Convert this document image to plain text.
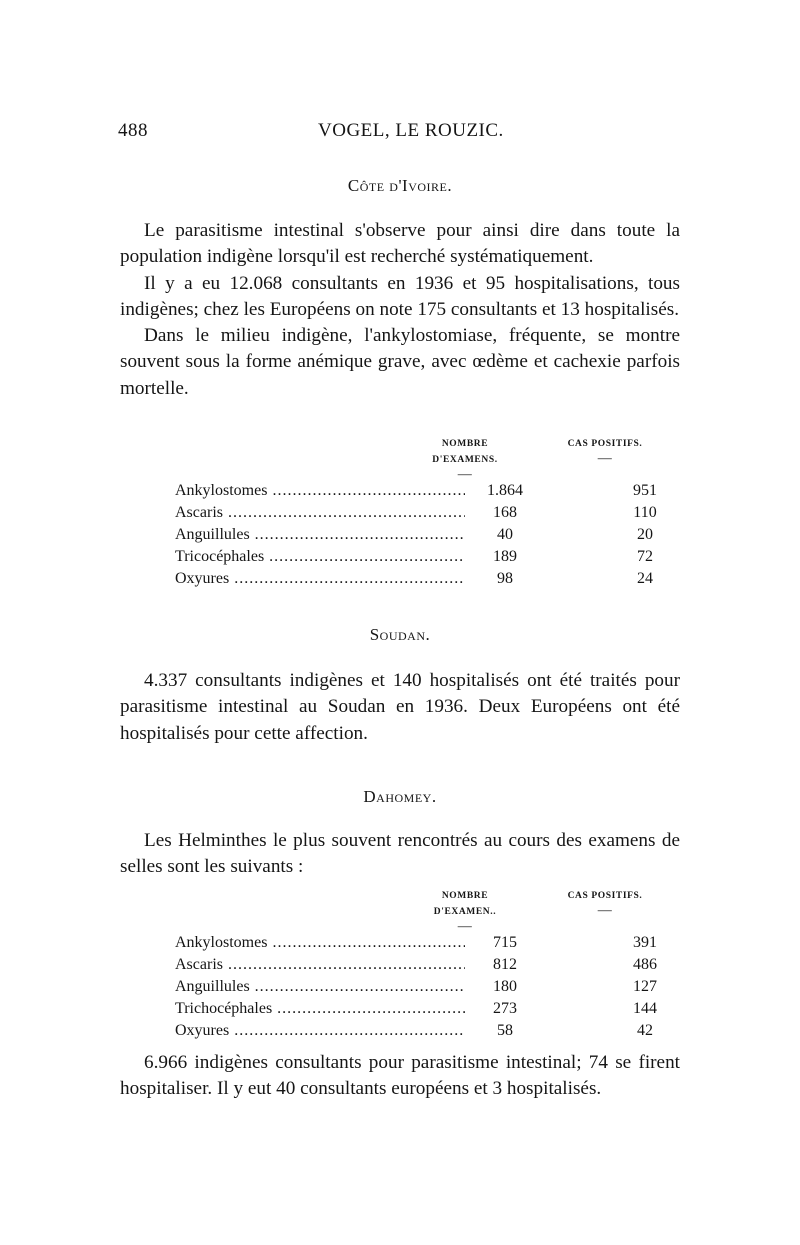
488	VOGEL, LE ROUZIC.
Côte d'Ivoire.

Le parasitisme intestinal s'observe pour ainsi dire dans toute la population indigène lorsqu'il est recherché systématiquement.

Il y a eu 12.068 consultants en 1936 et 95 hospitalisations, tous indigènes; chez les Européens on note 175 consultants et 13 hospitalisés.

Dans le milieu indigène, l'ankylostomiase, fréquente, se montre souvent sous la forme anémique grave, avec œdème et cachexie parfois mortelle.

NOMBRE D'EXAMENS.
—
CAS POSITIFS.
—
Ankylostomes .....	1.864	951
Ascaris .....	168	110
Anguillules .....	40	20
Tricocéphales .....	189	72
Oxyures .....	98	24
Soudan.

4.337 consultants indigènes et 140 hospitalisés ont été traités pour parasitisme intestinal au Soudan en 1936. Deux Européens ont été hospitalisés pour cette affection.

Dahomey.

Les Helminthes le plus souvent rencontrés au cours des examens de selles sont les suivants :

NOMBRE D'EXAMEN..
—
CAS POSITIFS.
—
Ankylostomes .....	715	391
Ascaris .....	812	486
Anguillules .....	180	127
Trichocéphales .....	273	144
Oxyures .....	58	42

6.966 indigènes consultants pour parasitisme intestinal; 74 se firent hospitaliser. Il y eut 40 consultants européens et 3 hospitalisés.
